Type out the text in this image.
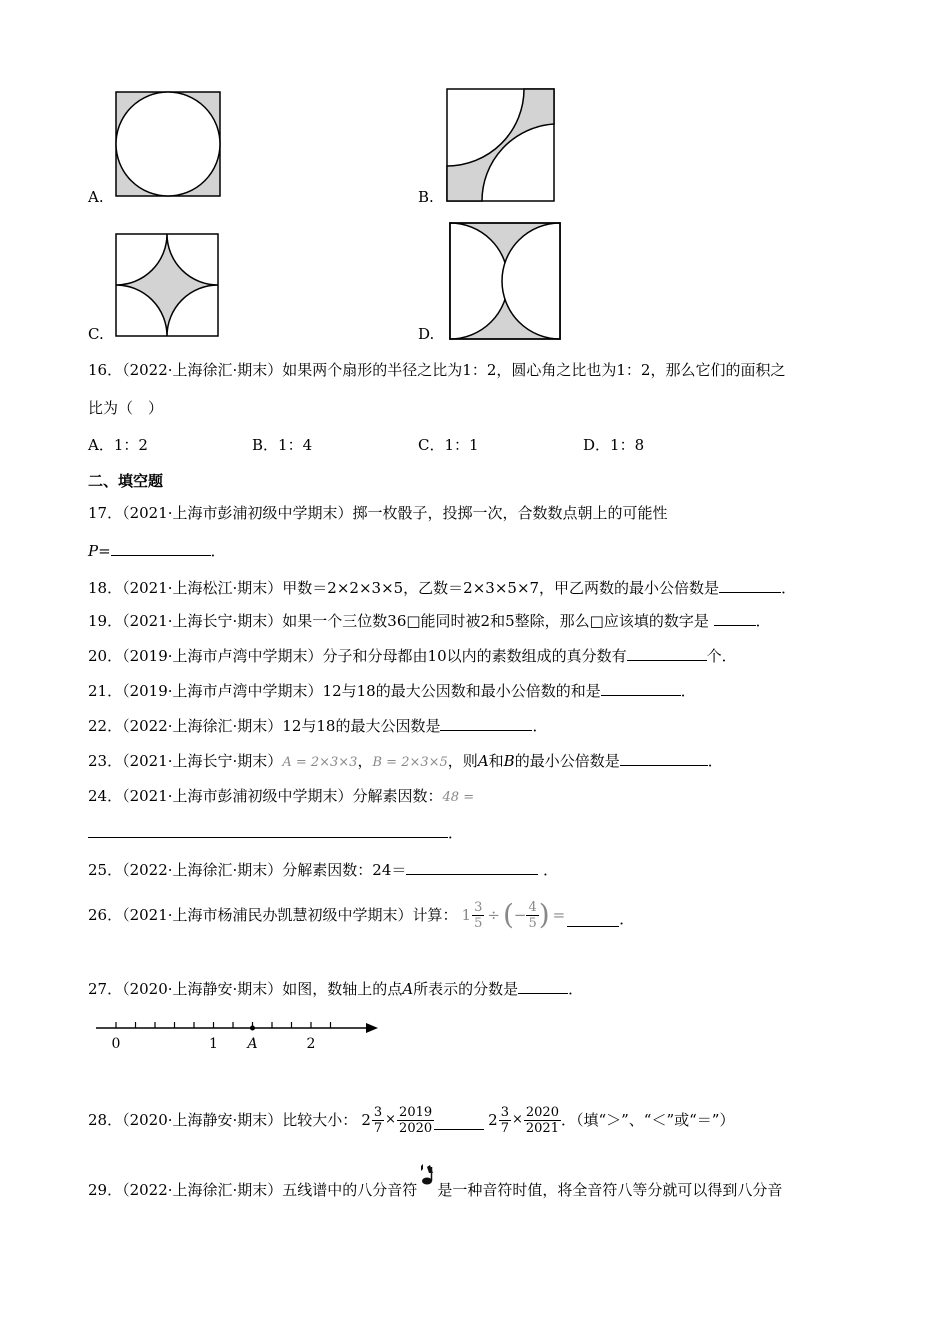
A.	B.
C.	D.
16．（2022·上海徐汇·期末）如果两个扇形的半径之比为1：2，圆心角之比也为1：2，那么它们的面积之
比为（　）
A．1：2	B．1：4	C．1：1	D．1：8
二、填空题
17．（2021·上海市彭浦初级中学期末）掷一枚骰子，投掷一次，合数数点朝上的可能性
P=	．
18．（2021·上海松江·期末）甲数＝2×2×3×5，乙数＝2×3×5×7，甲乙两数的最小公倍数是	．
19．（2021·上海长宁·期末）如果一个三位数36□能同时被2和5整除，那么□应该填的数字是	．
20．（2019·上海市卢湾中学期末）分子和分母都由10以内的素数组成的真分数有	个．
21．（2019·上海市卢湾中学期末）12与18的最大公因数和最小公倍数的和是	．
22．（2022·上海徐汇·期末）12与18的最大公因数是	．
23．（2021·上海长宁·期末）A = 2×3×3，B = 2×3×5，则A和B的最小公倍数是	．
24．（2021·上海市彭浦初级中学期末）分解素因数：48 =
．
25．（2022·上海徐汇·期末）分解素因数：24＝	．
26．（2021·上海市杨浦民办凯慧初级中学期末）计算： $1 \frac{3}{5}$ ÷ ( − $\frac{4}{5}$ ) =	．
27．（2020·上海静安·期末）如图，数轴上的点A所表示的分数是	．
0	1 A	2
28．（2020·上海静安·期末）比较大小： $2 \frac{3}{7} \times \frac{2019}{2020}$	$2 \frac{3}{7} \times \frac{2020}{2021}$ ．（填“＞”、“＜”或“＝”）
29．（2022·上海徐汇·期末）五线谱中的八分音符 是一种音符时值，将全音符八等分就可以得到八分音
